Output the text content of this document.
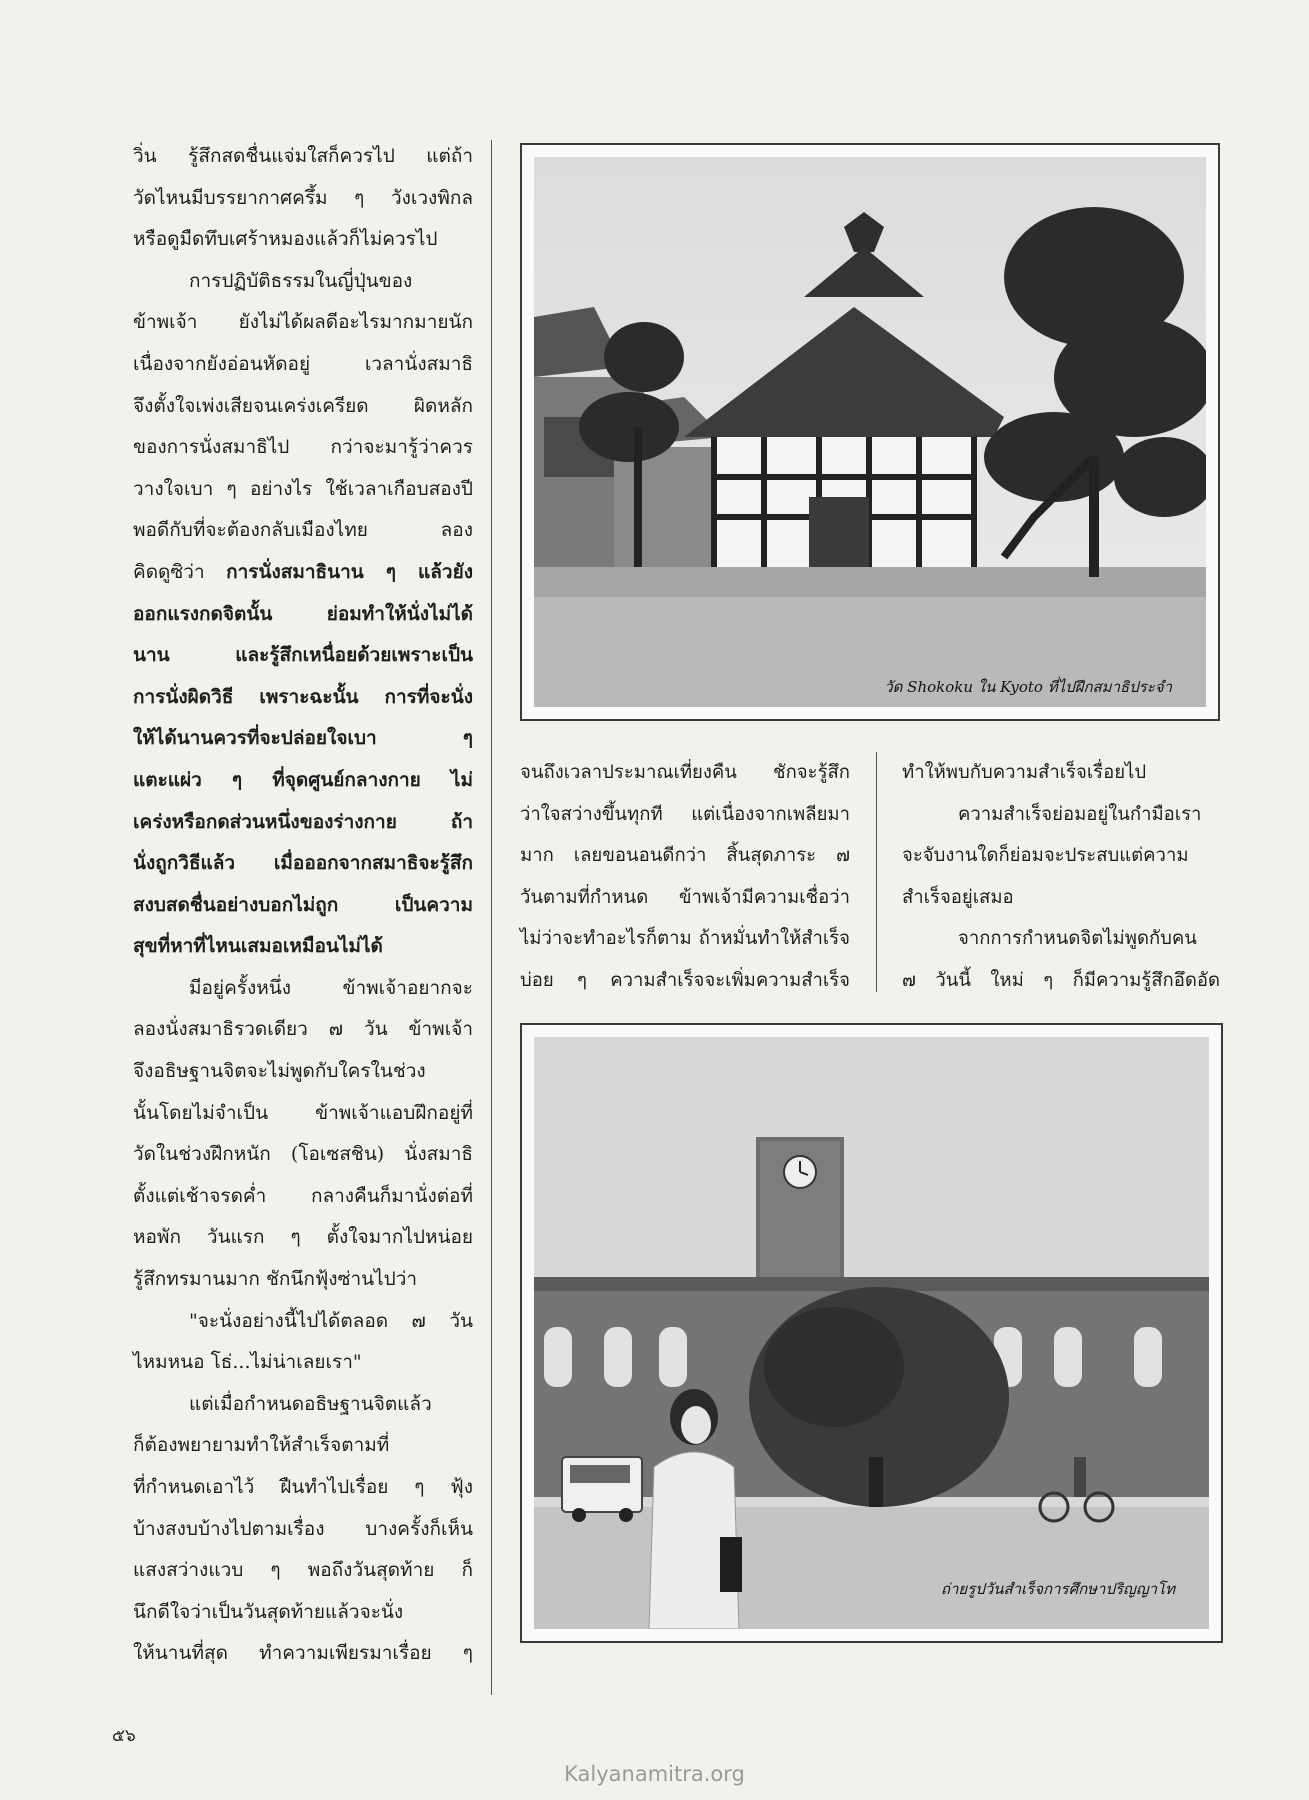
วิ่น รู้สึกสดชื่นแจ่มใสก็ควรไป แต่ถ้า
วัดไหนมีบรรยากาศครึ้ม ๆ วังเวงพิกล
หรือดูมืดทึบเศร้าหมองแล้วก็ไม่ควรไป
การปฏิบัติธรรมในญี่ปุ่นของ
ข้าพเจ้า ยังไม่ได้ผลดีอะไรมากมายนัก
เนื่องจากยังอ่อนหัดอยู่ เวลานั่งสมาธิ
จึงตั้งใจเพ่งเสียจนเคร่งเครียด ผิดหลัก
ของการนั่งสมาธิไป กว่าจะมารู้ว่าควร
วางใจเบา ๆ อย่างไร ใช้เวลาเกือบสองปี
พอดีกับที่จะต้องกลับเมืองไทย ลอง
คิดดูซิว่า การนั่งสมาธินาน ๆ แล้วยัง
ออกแรงกดจิตนั้น ย่อมทำให้นั่งไม่ได้
นาน และรู้สึกเหนื่อยด้วยเพราะเป็น
การนั่งผิดวิธี เพราะฉะนั้น การที่จะนั่ง
ให้ได้นานควรที่จะปล่อยใจเบา ๆ
แตะแผ่ว ๆ ที่จุดศูนย์กลางกาย ไม่
เคร่งหรือกดส่วนหนึ่งของร่างกาย ถ้า
นั่งถูกวิธีแล้ว เมื่อออกจากสมาธิจะรู้สึก
สงบสดชื่นอย่างบอกไม่ถูก เป็นความ
สุขที่หาที่ไหนเสมอเหมือนไม่ได้
มีอยู่ครั้งหนึ่ง ข้าพเจ้าอยากจะ
ลองนั่งสมาธิรวดเดียว ๗ วัน ข้าพเจ้า
จึงอธิษฐานจิตจะไม่พูดกับใครในช่วง
นั้นโดยไม่จำเป็น ข้าพเจ้าแอบฝึกอยู่ที่
วัดในช่วงฝึกหนัก (โอเซสชิน) นั่งสมาธิ
ตั้งแต่เช้าจรดค่ำ กลางคืนก็มานั่งต่อที่
หอพัก วันแรก ๆ ตั้งใจมากไปหน่อย
รู้สึกทรมานมาก ชักนึกฟุ้งซ่านไปว่า
"จะนั่งอย่างนี้ไปได้ตลอด ๗ วัน
ไหมหนอ โธ่...ไม่น่าเลยเรา"
แต่เมื่อกำหนดอธิษฐานจิตแล้ว
ก็ต้องพยายามทำให้สำเร็จตามที่
ที่กำหนดเอาไว้ ฝืนทำไปเรื่อย ๆ ฟุ้ง
บ้างสงบบ้างไปตามเรื่อง บางครั้งก็เห็น
แสงสว่างแวบ ๆ พอถึงวันสุดท้าย ก็
นึกดีใจว่าเป็นวันสุดท้ายแล้วจะนั่ง
ให้นานที่สุด ทำความเพียรมาเรื่อย ๆ
วัด Shokoku ใน Kyoto ที่ไปฝึกสมาธิประจำ
จนถึงเวลาประมาณเที่ยงคืน ชักจะรู้สึก
ว่าใจสว่างขึ้นทุกที แต่เนื่องจากเพลียมา
มาก เลยขอนอนดีกว่า สิ้นสุดภาระ ๗
วันตามที่กำหนด ข้าพเจ้ามีความเชื่อว่า
ไม่ว่าจะทำอะไรก็ตาม ถ้าหมั่นทำให้สำเร็จ
บ่อย ๆ ความสำเร็จจะเพิ่มความสำเร็จ
ทำให้พบกับความสำเร็จเรื่อยไป
ความสำเร็จย่อมอยู่ในกำมือเรา
จะจับงานใดก็ย่อมจะประสบแต่ความ
สำเร็จอยู่เสมอ
จากการกำหนดจิตไม่พูดกับคน
๗ วันนี้ ใหม่ ๆ ก็มีความรู้สึกอึดอัด
ถ่ายรูปวันสำเร็จการศึกษาปริญญาโท
๕๖
Kalyanamitra.org
